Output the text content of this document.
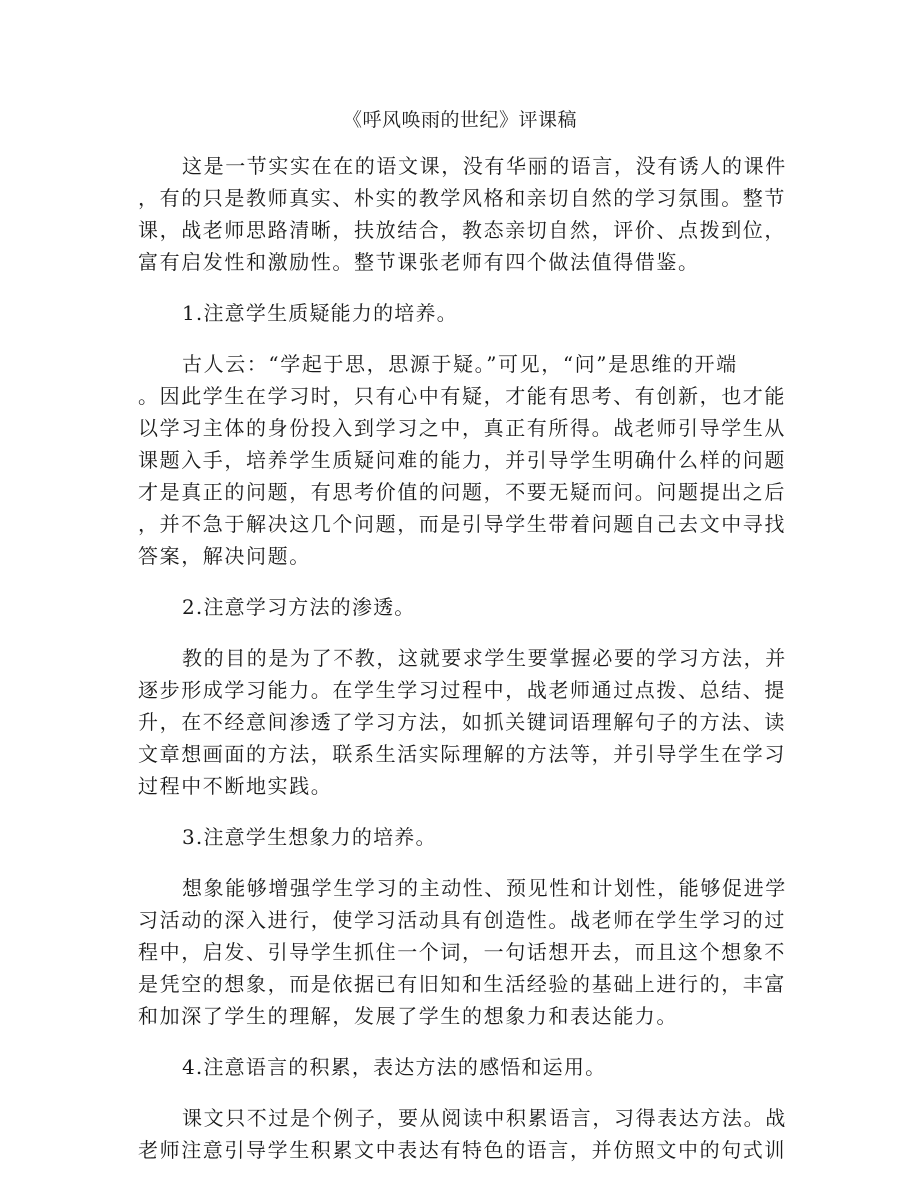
《呼风唤雨的世纪》评课稿

这是一节实实在在的语文课，没有华丽的语言，没有诱人的课件
，有的只是教师真实、朴实的教学风格和亲切自然的学习氛围。整节
课，战老师思路清晰，扶放结合，教态亲切自然，评价、点拨到位，
富有启发性和激励性。整节课张老师有四个做法值得借鉴。

1.注意学生质疑能力的培养。

古人云：“学起于思，思源于疑。”可见，“问”是思维的开端
。因此学生在学习时，只有心中有疑，才能有思考、有创新，也才能
以学习主体的身份投入到学习之中，真正有所得。战老师引导学生从
课题入手，培养学生质疑问难的能力，并引导学生明确什么样的问题
才是真正的问题，有思考价值的问题，不要无疑而问。问题提出之后
，并不急于解决这几个问题，而是引导学生带着问题自己去文中寻找
答案，解决问题。

2.注意学习方法的渗透。

教的目的是为了不教，这就要求学生要掌握必要的学习方法，并
逐步形成学习能力。在学生学习过程中，战老师通过点拨、总结、提
升，在不经意间渗透了学习方法，如抓关键词语理解句子的方法、读
文章想画面的方法，联系生活实际理解的方法等，并引导学生在学习
过程中不断地实践。

3.注意学生想象力的培养。

想象能够增强学生学习的主动性、预见性和计划性，能够促进学
习活动的深入进行，使学习活动具有创造性。战老师在学生学习的过
程中，启发、引导学生抓住一个词，一句话想开去，而且这个想象不
是凭空的想象，而是依据已有旧知和生活经验的基础上进行的，丰富
和加深了学生的理解，发展了学生的想象力和表达能力。

4.注意语言的积累，表达方法的感悟和运用。

课文只不过是个例子，要从阅读中积累语言，习得表达方法。战
老师注意引导学生积累文中表达有特色的语言，并仿照文中的句式训
